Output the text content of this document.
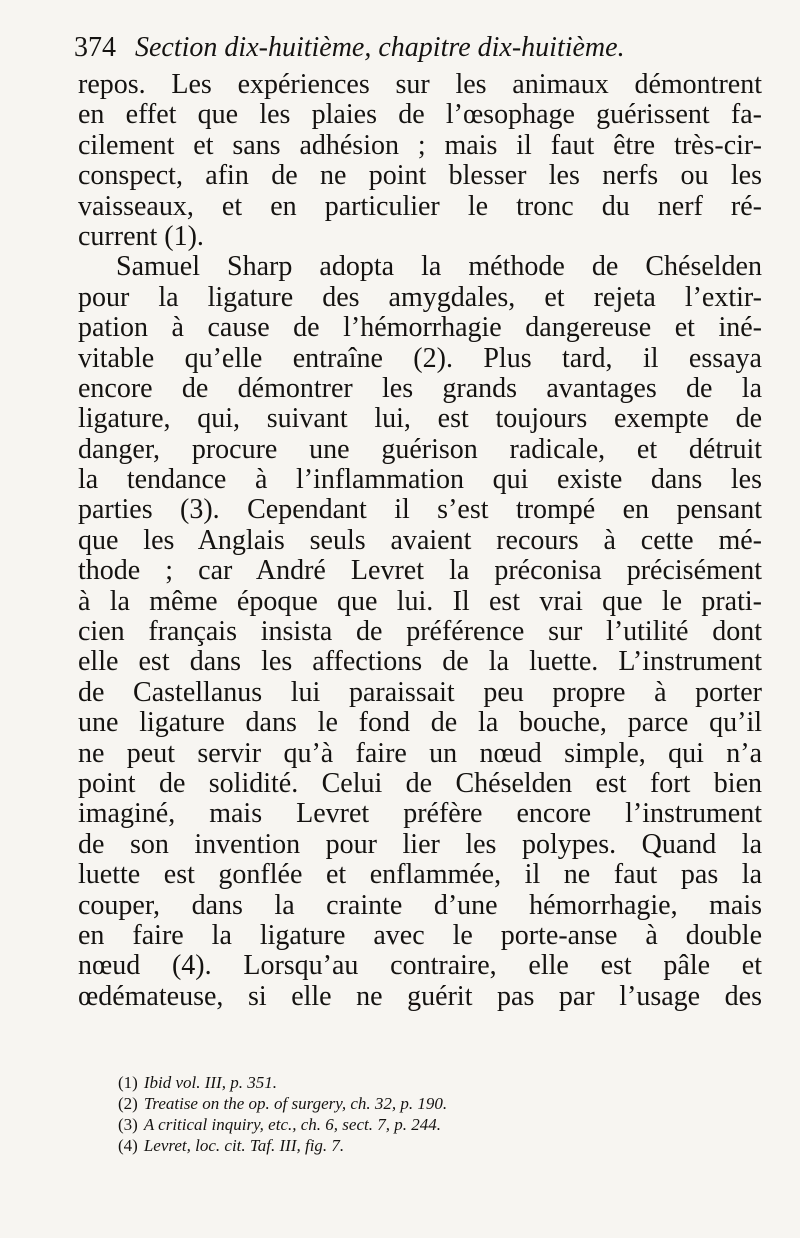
374 Section dix-huitième, chapitre dix-huitième.
repos. Les expériences sur les animaux démontrent
en effet que les plaies de l’œsophage guérissent fa-
cilement et sans adhésion ; mais il faut être très-cir-
conspect, afin de ne point blesser les nerfs ou les
vaisseaux, et en particulier le tronc du nerf ré-
current (1).
Samuel Sharp adopta la méthode de Chéselden
pour la ligature des amygdales, et rejeta l’extir-
pation à cause de l’hémorrhagie dangereuse et iné-
vitable qu’elle entraîne (2). Plus tard, il essaya
encore de démontrer les grands avantages de la
ligature, qui, suivant lui, est toujours exempte de
danger, procure une guérison radicale, et détruit
la tendance à l’inflammation qui existe dans les
parties (3). Cependant il s’est trompé en pensant
que les Anglais seuls avaient recours à cette mé-
thode ; car André Levret la préconisa précisément
à la même époque que lui. Il est vrai que le prati-
cien français insista de préférence sur l’utilité dont
elle est dans les affections de la luette. L’instrument
de Castellanus lui paraissait peu propre à porter
une ligature dans le fond de la bouche, parce qu’il
ne peut servir qu’à faire un nœud simple, qui n’a
point de solidité. Celui de Chéselden est fort bien
imaginé, mais Levret préfère encore l’instrument
de son invention pour lier les polypes. Quand la
luette est gonflée et enflammée, il ne faut pas la
couper, dans la crainte d’une hémorrhagie, mais
en faire la ligature avec le porte-anse à double
nœud (4). Lorsqu’au contraire, elle est pâle et
œdémateuse, si elle ne guérit pas par l’usage des
(1) Ibid vol. III, p. 351.
(2) Treatise on the op. of surgery, ch. 32, p. 190.
(3) A critical inquiry, etc., ch. 6, sect. 7, p. 244.
(4) Levret, loc. cit. Taf. III, fig. 7.
